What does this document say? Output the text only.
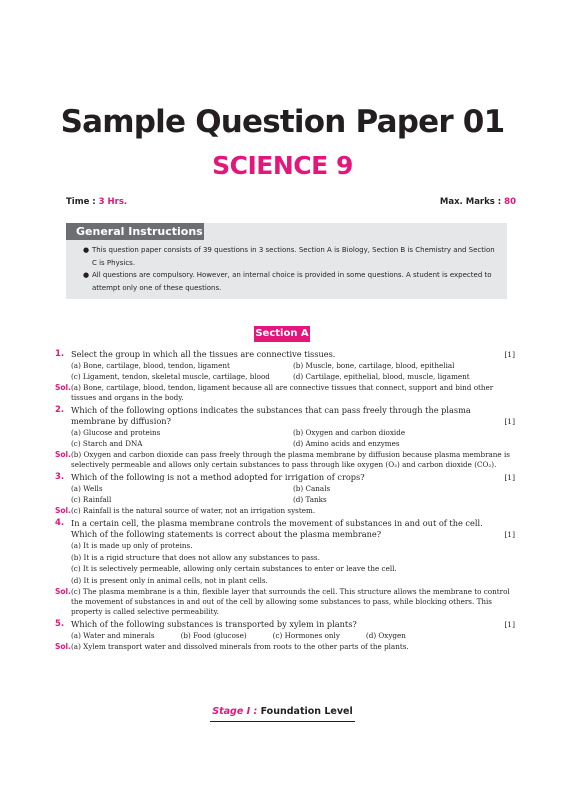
Sample Question Paper 01
SCIENCE 9
Time : 3 Hrs.	Max. Marks : 80
General Instructions
● This question paper consists of 39 questions in 3 sections. Section A is Biology, Section B is Chemistry and Section C is Physics.
● All questions are compulsory. However, an internal choice is provided in some questions. A student is expected to attempt only one of these questions.
Section A
1.	[1]
Select the group in which all the tissues are connective tissues.
(a) Bone, cartilage, blood, tendon, ligament	(b) Muscle, bone, cartilage, blood, epithelial
(c) Ligament, tendon, skeletal muscle, cartilage, blood	(d) Cartilage, epithelial, blood, muscle, ligament
Sol. (a) Bone, cartilage, blood, tendon, ligament because all are connective tissues that connect, support and bind other tissues and organs in the body.
2.
[1]
Which of the following options indicates the substances that can pass freely through the plasma membrane by diffusion?
(a) Glucose and proteins	(b) Oxygen and carbon dioxide
(c) Starch and DNA	(d) Amino acids and enzymes
Sol. (b) Oxygen and carbon dioxide can pass freely through the plasma membrane by diffusion because plasma membrane is selectively permeable and allows only certain substances to pass through like oxygen (O₂) and carbon dioxide (CO₂).
3.	[1]
Which of the following is not a method adopted for irrigation of crops?
(a) Wells	(b) Canals
(c) Rainfall	(d) Tanks
Sol. (c) Rainfall is the natural source of water, not an irrigation system.
4.
[1]
In a certain cell, the plasma membrane controls the movement of substances in and out of the cell. Which of the following statements is correct about the plasma membrane?
(a) It is made up only of proteins.
(b) It is a rigid structure that does not allow any substances to pass.
(c) It is selectively permeable, allowing only certain substances to enter or leave the cell.
(d) It is present only in animal cells, not in plant cells.
Sol. (c) The plasma membrane is a thin, flexible layer that surrounds the cell. This structure allows the membrane to control the movement of substances in and out of the cell by allowing some substances to pass, while blocking others. This property is called selective permeability.
5.	[1]
Which of the following substances is transported by xylem in plants?
(a) Water and minerals	(b) Food (glucose)	(c) Hormones only	(d) Oxygen
Sol. (a) Xylem transport water and dissolved minerals from roots to the other parts of the plants.
Stage I : Foundation Level
